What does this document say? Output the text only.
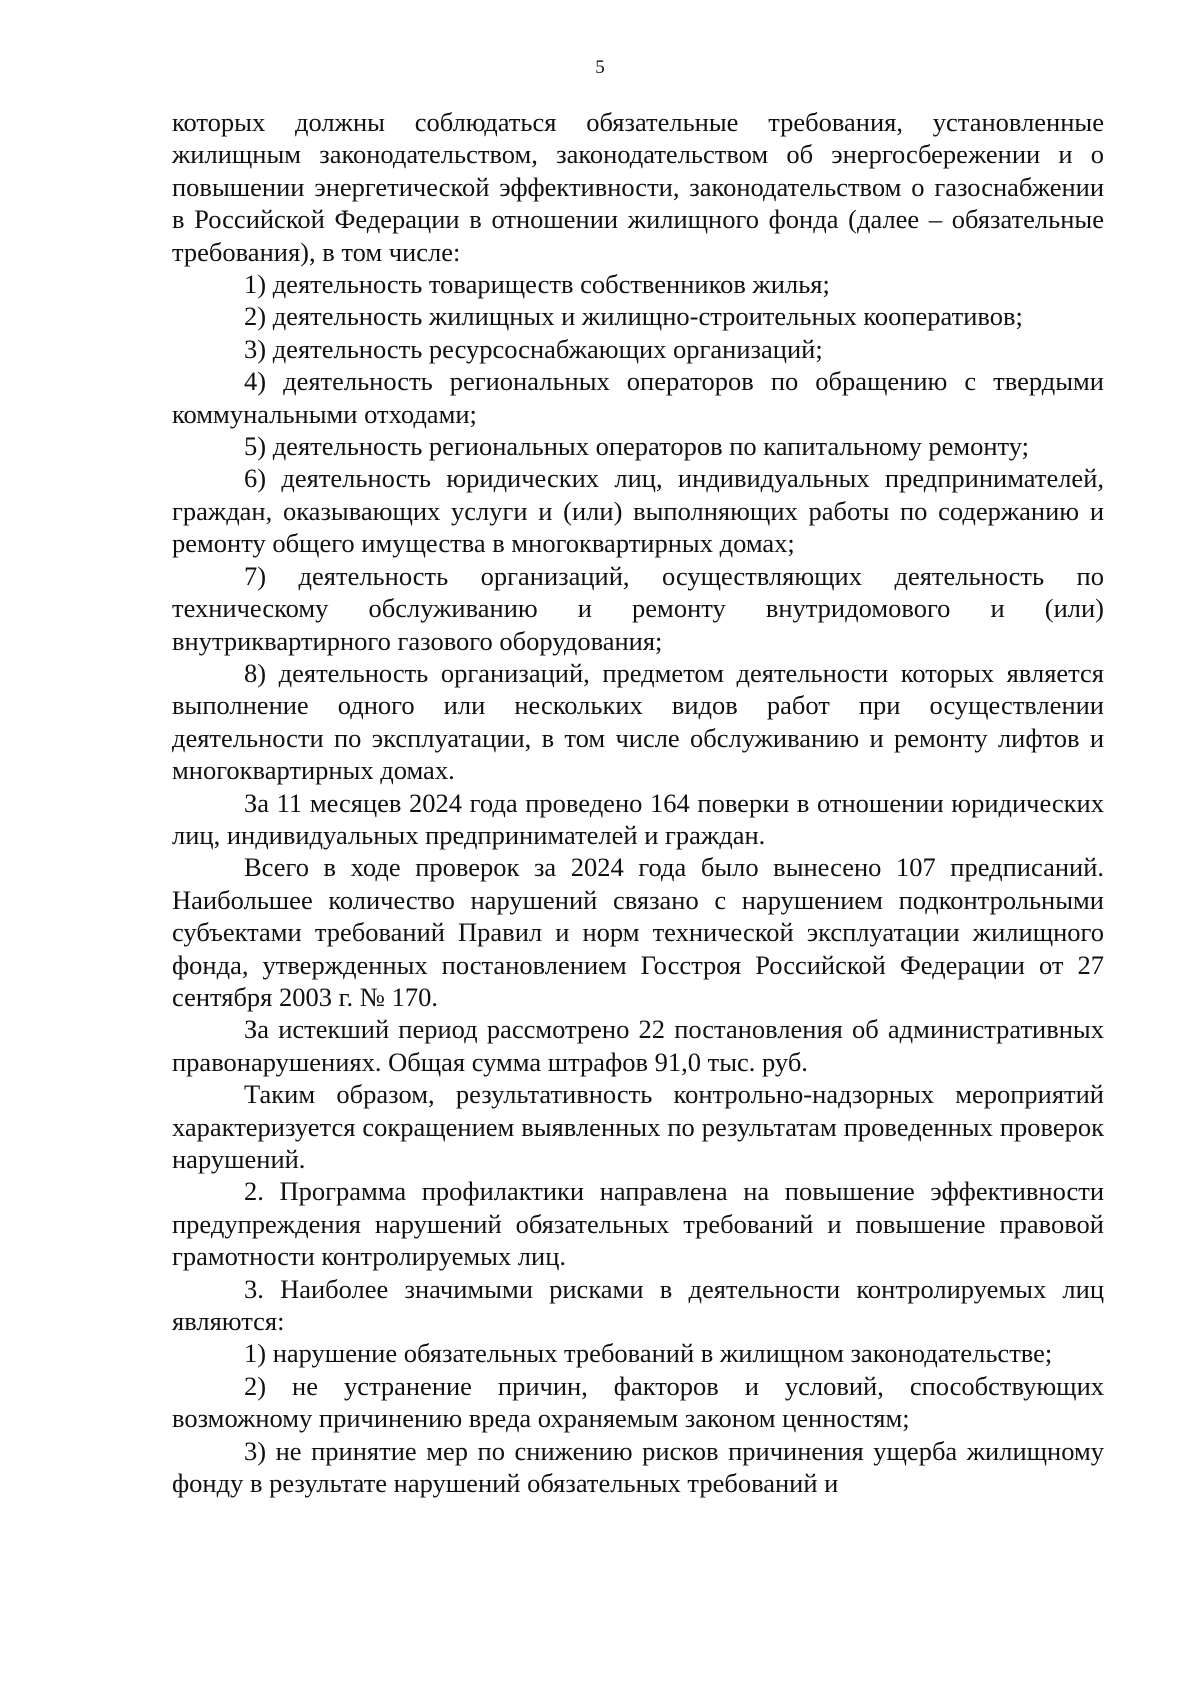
5

которых должны соблюдаться обязательные требования, установленные жилищным законодательством, законодательством об энергосбережении и о повышении энергетической эффективности, законодательством о газоснабжении в Российской Федерации в отношении жилищного фонда (далее – обязательные требования), в том числе:

1) деятельность товариществ собственников жилья;

2) деятельность жилищных и жилищно-строительных кооперативов;

3) деятельность ресурсоснабжающих организаций;

4) деятельность региональных операторов по обращению с твердыми коммунальными отходами;

5) деятельность региональных операторов по капитальному ремонту;

6) деятельность юридических лиц, индивидуальных предпринимателей, граждан, оказывающих услуги и (или) выполняющих работы по содержанию и ремонту общего имущества в многоквартирных домах;

7) деятельность организаций, осуществляющих деятельность по техническому обслуживанию и ремонту внутридомового и (или) внутриквартирного газового оборудования;

8) деятельность организаций, предметом деятельности которых является выполнение одного или нескольких видов работ при осуществлении деятельности по эксплуатации, в том числе обслуживанию и ремонту лифтов и многоквартирных домах.

За 11 месяцев 2024 года проведено 164 поверки в отношении юридических лиц, индивидуальных предпринимателей и граждан.

Всего в ходе проверок за 2024 года было вынесено 107 предписаний. Наибольшее количество нарушений связано с нарушением подконтрольными субъектами требований Правил и норм технической эксплуатации жилищного фонда, утвержденных постановлением Госстроя Российской Федерации от 27 сентября 2003 г. № 170.

За истекший период рассмотрено 22 постановления об административных правонарушениях. Общая сумма штрафов 91,0 тыс. руб.

Таким образом, результативность контрольно-надзорных мероприятий характеризуется сокращением выявленных по результатам проведенных проверок нарушений.

2. Программа профилактики направлена на повышение эффективности предупреждения нарушений обязательных требований и повышение правовой грамотности контролируемых лиц.

3. Наиболее значимыми рисками в деятельности контролируемых лиц являются:

1) нарушение обязательных требований в жилищном законодательстве;

2) не устранение причин, факторов и условий, способствующих возможному причинению вреда охраняемым законом ценностям;

3) не принятие мер по снижению рисков причинения ущерба жилищному фонду в результате нарушений обязательных требований и
